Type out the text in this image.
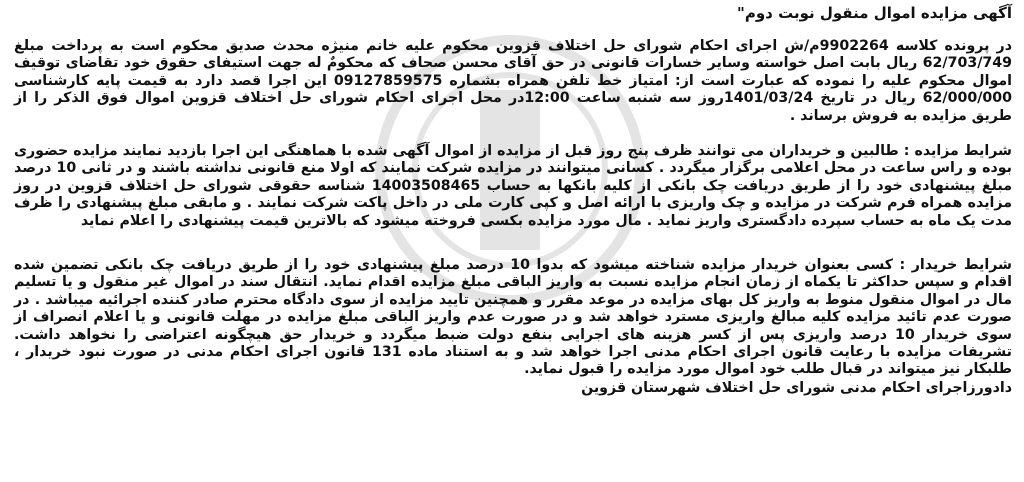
آگهی مزایده اموال منقول نوبت دوم"

در پرونده کلاسه 9902264م/ش اجرای احکام شورای حل اختلاف قزوین محکوم علیه خانم منیژه محدث صدیق محکوم است به پرداخت مبلغ 62/703/749 ریال بابت اصل خواسته وسایر خسارات قانونی در حق آقای محسن صحاف که محکومٌ له جهت استیفای حقوق خود تقاضای توقیف اموال محکوم علیه را نموده که عبارت است از: امتیاز خط تلفن همراه بشماره 09127859575 این اجرا قصد دارد به قیمت پایه کارشناسی 62/000/000 ریال در تاریخ 1401/03/24روز سه شنبه ساعت 12:00در محل اجرای احکام شورای حل اختلاف قزوین اموال فوق الذکر را از طریق مزایده به فروش برساند .

شرایط مزایده : طالبین و خریداران می توانند ظرف پنج روز قبل از مزایده از اموال آگهی شده با هماهنگی این اجرا بازدید نمایند مزایده حضوری بوده و راس ساعت در محل اعلامی برگزار میگردد . کسانی میتوانند در مزایده شرکت نمایند که اولا منع قانونی نداشته باشند و در ثانی 10 درصد مبلغ پیشنهادی خود را از طریق دریافت چک بانکی از کلیه بانکها به حساب 14003508465 شناسه حقوقی شورای حل اختلاف قزوین در روز مزایده همراه فرم شرکت در مزایده و چک واریزی با ارائه اصل و کپی کارت ملی در داخل پاکت شرکت نمایند . و مابقی مبلغ پیشنهادی را ظرف مدت یک ماه به حساب سپرده دادگستری واریز نماید . مال مورد مزایده بکسی فروخته میشود که بالاترین قیمت پیشنهادی را اعلام نماید

شرایط خریدار : کسی بعنوان خریدار مزایده شناخته میشود که بدوا 10 درصد مبلغ پیشنهادی خود را از طریق دریافت چک بانکی تضمین شده اقدام و سپس حداکثر تا یکماه از زمان انجام مزایده نسبت به واریز الباقی مبلغ مزایده اقدام نماید. انتقال سند در اموال غیر منقول و یا تسلیم مال در اموال منقول منوط به واریز کل بهای مزایده در موعد مقرر و همچنین تایید مزایده از سوی دادگاه محترم صادر کننده اجرائیه میباشد . در صورت عدم تائید مزایده کلیه مبالغ واریزی مسترد خواهد شد و در صورت عدم واریز الباقی مبلغ مزایده در مهلت قانونی و یا اعلام انصراف از سوی خریدار 10 درصد واریزی پس از کسر هزینه های اجرایی بنفع دولت ضبط میگردد و خریدار حق هیچگونه اعتراضی را نخواهد داشت. تشریفات مزایده با رعایت قانون اجرای احکام مدنی اجرا خواهد شد و به استناد ماده 131 قانون اجرای احکام مدنی در صورت نبود خریدار ، طلبکار نیز میتواند در قبال طلب خود اموال مورد مزایده را قبول نماید.

دادورزاجرای احکام مدنی شورای حل اختلاف شهرستان قزوین
